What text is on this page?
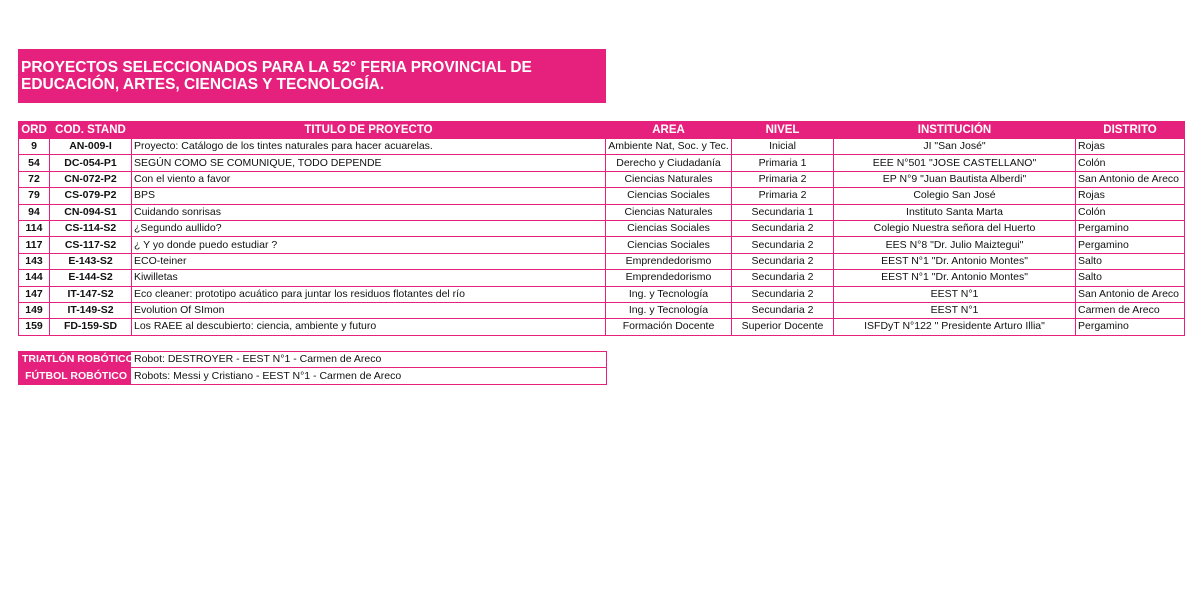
PROYECTOS SELECCIONADOS PARA LA 52° FERIA PROVINCIAL DE
EDUCACIÓN, ARTES, CIENCIAS Y TECNOLOGÍA.
ORD	COD. STAND	TITULO DE PROYECTO	AREA	NIVEL	INSTITUCIÓN	DISTRITO
9	AN-009-I	Proyecto: Catálogo de los tintes naturales para hacer acuarelas.	Ambiente Nat, Soc. y Tec.	Inicial	JI "San José"	Rojas
54	DC-054-P1	SEGÚN COMO SE COMUNIQUE, TODO DEPENDE	Derecho y Ciudadanía	Primaria 1	EEE N°501 "JOSE CASTELLANO"	Colón
72	CN-072-P2	Con el viento a favor	Ciencias Naturales	Primaria 2	EP N°9 "Juan Bautista Alberdi"	San Antonio de Areco
79	CS-079-P2	BPS	Ciencias Sociales	Primaria 2	Colegio San José	Rojas
94	CN-094-S1	Cuidando sonrisas	Ciencias Naturales	Secundaria 1	Instituto Santa Marta	Colón
114	CS-114-S2	¿Segundo aullido?	Ciencias Sociales	Secundaria 2	Colegio Nuestra señora del Huerto	Pergamino
117	CS-117-S2	¿ Y yo donde puedo estudiar ?	Ciencias Sociales	Secundaria 2	EES N°8 "Dr. Julio Maiztegui"	Pergamino
143	E-143-S2	ECO-teiner	Emprendedorismo	Secundaria 2	EEST N°1 "Dr. Antonio Montes"	Salto
144	E-144-S2	Kiwilletas	Emprendedorismo	Secundaria 2	EEST N°1 "Dr. Antonio Montes"	Salto
147	IT-147-S2	Eco cleaner: prototipo acuático para juntar los residuos flotantes del río	Ing. y Tecnología	Secundaria 2	EEST N°1	San Antonio de Areco
149	IT-149-S2	Evolution Of SImon	Ing. y Tecnología	Secundaria 2	EEST N°1	Carmen de Areco
159	FD-159-SD	Los RAEE al descubierto: ciencia, ambiente y futuro	Formación Docente	Superior Docente	ISFDyT N°122 " Presidente Arturo Illia"	Pergamino
TRIATLÓN ROBÓTICO	Robot: DESTROYER - EEST N°1 - Carmen de Areco
FÚTBOL ROBÓTICO	Robots: Messi y Cristiano - EEST N°1 - Carmen de Areco
